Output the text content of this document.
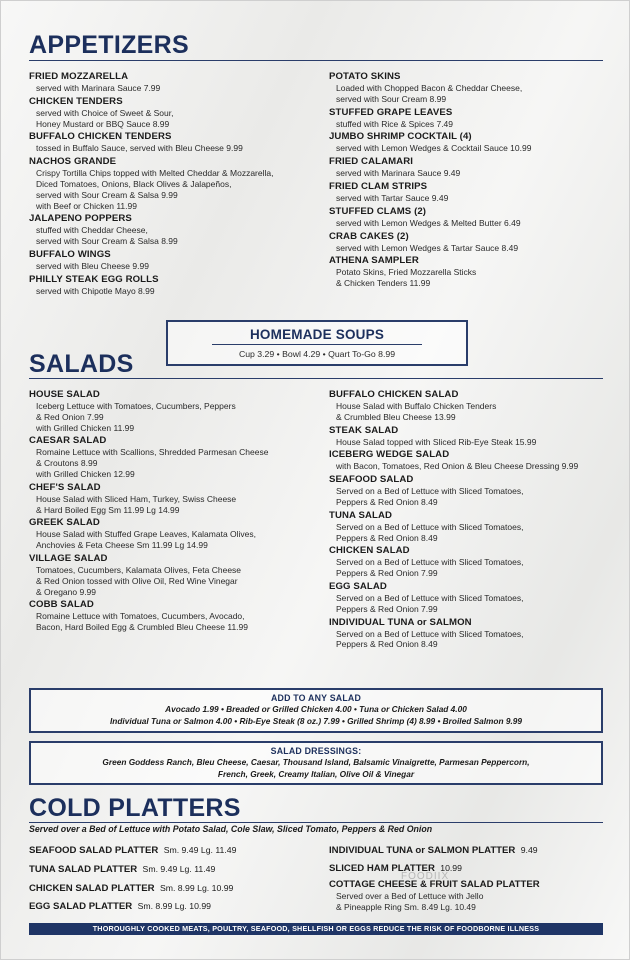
APPETIZERS
FRIED MOZZARELLA
served with Marinara Sauce 7.99
CHICKEN TENDERS
served with Choice of Sweet & Sour,
Honey Mustard or BBQ Sauce 8.99
BUFFALO CHICKEN TENDERS
tossed in Buffalo Sauce, served with Bleu Cheese 9.99
NACHOS GRANDE
Crispy Tortilla Chips topped with Melted Cheddar & Mozzarella,
Diced Tomatoes, Onions, Black Olives & Jalapeños,
served with Sour Cream & Salsa 9.99
with Beef or Chicken 11.99
JALAPENO POPPERS
stuffed with Cheddar Cheese,
served with Sour Cream & Salsa 8.99
BUFFALO WINGS
served with Bleu Cheese 9.99
PHILLY STEAK EGG ROLLS
served with Chipotle Mayo 8.99
POTATO SKINS
Loaded with Chopped Bacon & Cheddar Cheese,
served with Sour Cream 8.99
STUFFED GRAPE LEAVES
stuffed with Rice & Spices 7.49
JUMBO SHRIMP COCKTAIL (4)
served with Lemon Wedges & Cocktail Sauce 10.99
FRIED CALAMARI
served with Marinara Sauce 9.49
FRIED CLAM STRIPS
served with Tartar Sauce 9.49
STUFFED CLAMS (2)
served with Lemon Wedges & Melted Butter 6.49
CRAB CAKES (2)
served with Lemon Wedges & Tartar Sauce 8.49
ATHENA SAMPLER
Potato Skins, Fried Mozzarella Sticks
& Chicken Tenders 11.99
HOMEMADE SOUPS
Cup 3.29 • Bowl 4.29 • Quart To-Go 8.99
SALADS
HOUSE SALAD
Iceberg Lettuce with Tomatoes, Cucumbers, Peppers
& Red Onion 7.99
with Grilled Chicken 11.99
CAESAR SALAD
Romaine Lettuce with Scallions, Shredded Parmesan Cheese
& Croutons 8.99
with Grilled Chicken 12.99
CHEF'S SALAD
House Salad with Sliced Ham, Turkey, Swiss Cheese
& Hard Boiled Egg Sm 11.99 Lg 14.99
GREEK SALAD
House Salad with Stuffed Grape Leaves, Kalamata Olives,
Anchovies & Feta Cheese Sm 11.99 Lg 14.99
VILLAGE SALAD
Tomatoes, Cucumbers, Kalamata Olives, Feta Cheese
& Red Onion tossed with Olive Oil, Red Wine Vinegar
& Oregano 9.99
COBB SALAD
Romaine Lettuce with Tomatoes, Cucumbers, Avocado,
Bacon, Hard Boiled Egg & Crumbled Bleu Cheese 11.99
BUFFALO CHICKEN SALAD
House Salad with Buffalo Chicken Tenders
& Crumbled Bleu Cheese 13.99
STEAK SALAD
House Salad topped with Sliced Rib-Eye Steak 15.99
ICEBERG WEDGE SALAD
with Bacon, Tomatoes, Red Onion & Bleu Cheese Dressing 9.99
SEAFOOD SALAD
Served on a Bed of Lettuce with Sliced Tomatoes,
Peppers & Red Onion 8.49
TUNA SALAD
Served on a Bed of Lettuce with Sliced Tomatoes,
Peppers & Red Onion 8.49
CHICKEN SALAD
Served on a Bed of Lettuce with Sliced Tomatoes,
Peppers & Red Onion 7.99
EGG SALAD
Served on a Bed of Lettuce with Sliced Tomatoes,
Peppers & Red Onion 7.99
INDIVIDUAL TUNA or SALMON
Served on a Bed of Lettuce with Sliced Tomatoes,
Peppers & Red Onion 8.49
ADD TO ANY SALAD
Avocado 1.99 • Breaded or Grilled Chicken 4.00 • Tuna or Chicken Salad 4.00
Individual Tuna or Salmon 4.00 • Rib-Eye Steak (8 oz.) 7.99 • Grilled Shrimp (4) 8.99 • Broiled Salmon 9.99
SALAD DRESSINGS:
Green Goddess Ranch, Bleu Cheese, Caesar, Thousand Island, Balsamic Vinaigrette, Parmesan Peppercorn,
French, Greek, Creamy Italian, Olive Oil & Vinegar
COLD PLATTERS
Served over a Bed of Lettuce with Potato Salad, Cole Slaw, Sliced Tomato, Peppers & Red Onion
SEAFOOD SALAD PLATTER Sm. 9.49 Lg. 11.49
TUNA SALAD PLATTER Sm. 9.49 Lg. 11.49
CHICKEN SALAD PLATTER Sm. 8.99 Lg. 10.99
EGG SALAD PLATTER Sm. 8.99 Lg. 10.99
INDIVIDUAL TUNA or SALMON PLATTER 9.49
SLICED HAM PLATTER 10.99
COTTAGE CHEESE & FRUIT SALAD PLATTER
Served over a Bed of Lettuce with Jello
& Pineapple Ring Sm. 8.49 Lg. 10.49
FOODIIX
THOROUGHLY COOKED MEATS, POULTRY, SEAFOOD, SHELLFISH OR EGGS REDUCE THE RISK OF FOODBORNE ILLNESS
